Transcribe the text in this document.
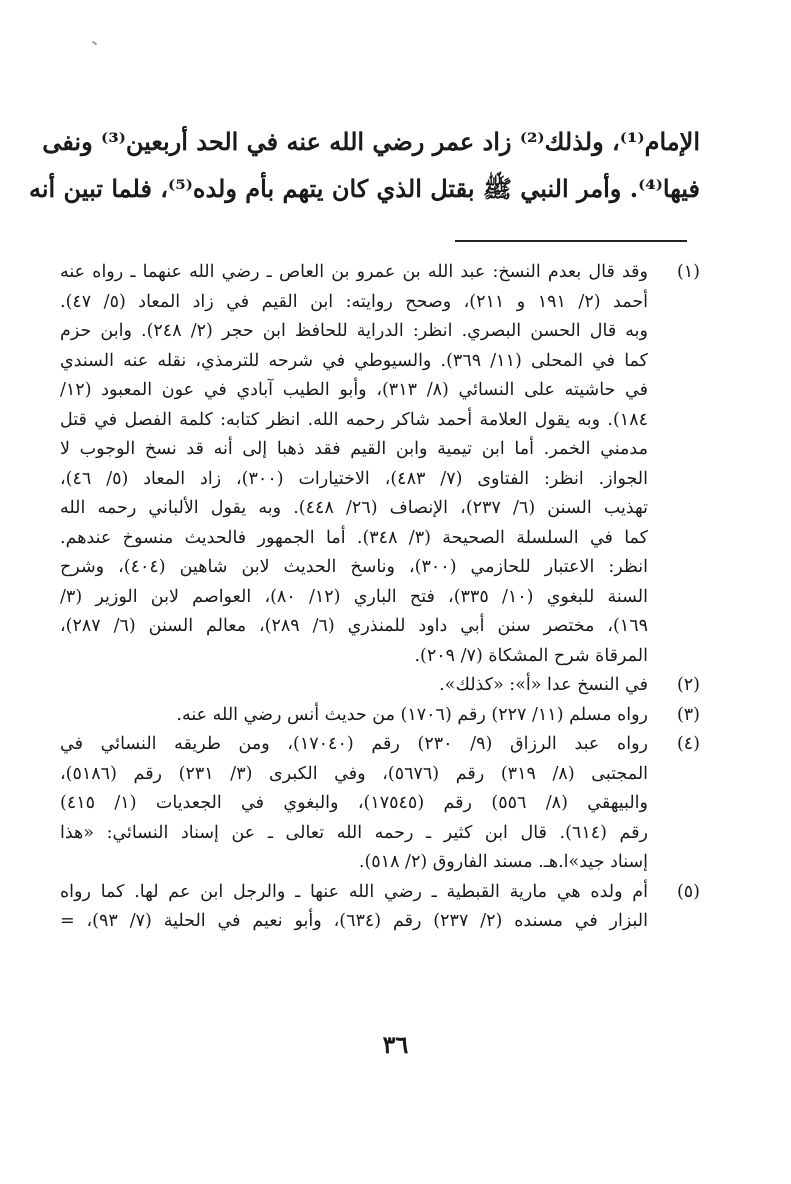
الإمام⁽¹⁾، ولذلك⁽²⁾ زاد عمر رضي الله عنه في الحد أربعين⁽³⁾ ونفى
فيها⁽⁴⁾. وأمر النبي ﷺ بقتل الذي كان يتهم بأم ولده⁽⁵⁾، فلما تبين أنه
(١)
وقد قال بعدم النسخ: عبد الله بن عمرو بن العاص ـ رضي الله عنهما ـ رواه عنه
أحمد (٢/ ١٩١ و ٢١١)، وصحح روايته: ابن القيم في زاد المعاد (٥/ ٤٧).
وبه قال الحسن البصري. انظر: الدراية للحافظ ابن حجر (٢/ ٢٤٨). وابن حزم
كما في المحلى (١١/ ٣٦٩). والسيوطي في شرحه للترمذي، نقله عنه السندي
في حاشيته على النسائي (٨/ ٣١٣)، وأبو الطيب آبادي في عون المعبود (١٢/
١٨٤). وبه يقول العلامة أحمد شاكر رحمه الله. انظر كتابه: كلمة الفصل في قتل
مدمني الخمر. أما ابن تيمية وابن القيم فقد ذهبا إلى أنه قد نسخ الوجوب لا
الجواز. انظر: الفتاوى (٧/ ٤٨٣)، الاختيارات (٣٠٠)، زاد المعاد (٥/ ٤٦)،
تهذيب السنن (٦/ ٢٣٧)، الإنصاف (٢٦/ ٤٤٨). وبه يقول الألباني رحمه الله
كما في السلسلة الصحيحة (٣/ ٣٤٨). أما الجمهور فالحديث منسوخ عندهم.
انظر: الاعتبار للحازمي (٣٠٠)، وناسخ الحديث لابن شاهين (٤٠٤)، وشرح
السنة للبغوي (١٠/ ٣٣٥)، فتح الباري (١٢/ ٨٠)، العواصم لابن الوزير (٣/
١٦٩)، مختصر سنن أبي داود للمنذري (٦/ ٢٨٩)، معالم السنن (٦/ ٢٨٧)،
المرقاة شرح المشكاة (٧/ ٢٠٩).
(٢)
في النسخ عدا «أ»: «كذلك».
(٣)
رواه مسلم (١١/ ٢٢٧) رقم (١٧٠٦) من حديث أنس رضي الله عنه.
(٤)
رواه عبد الرزاق (٩/ ٢٣٠) رقم (١٧٠٤٠)، ومن طريقه النسائي في
المجتبى (٨/ ٣١٩) رقم (٥٦٧٦)، وفي الكبرى (٣/ ٢٣١) رقم (٥١٨٦)،
والبيهقي (٨/ ٥٥٦) رقم (١٧٥٤٥)، والبغوي في الجعديات (١/ ٤١٥)
رقم (٦١٤). قال ابن كثير ـ رحمه الله تعالى ـ عن إسناد النسائي: «هذا
إسناد جيد»ا.هـ. مسند الفاروق (٢/ ٥١٨).
(٥)
أم ولده هي مارية القبطية ـ رضي الله عنها ـ والرجل ابن عم لها. كما رواه
البزار في مسنده (٢/ ٢٣٧) رقم (٦٣٤)، وأبو نعيم في الحلية (٧/ ٩٣)، =
٣٦
